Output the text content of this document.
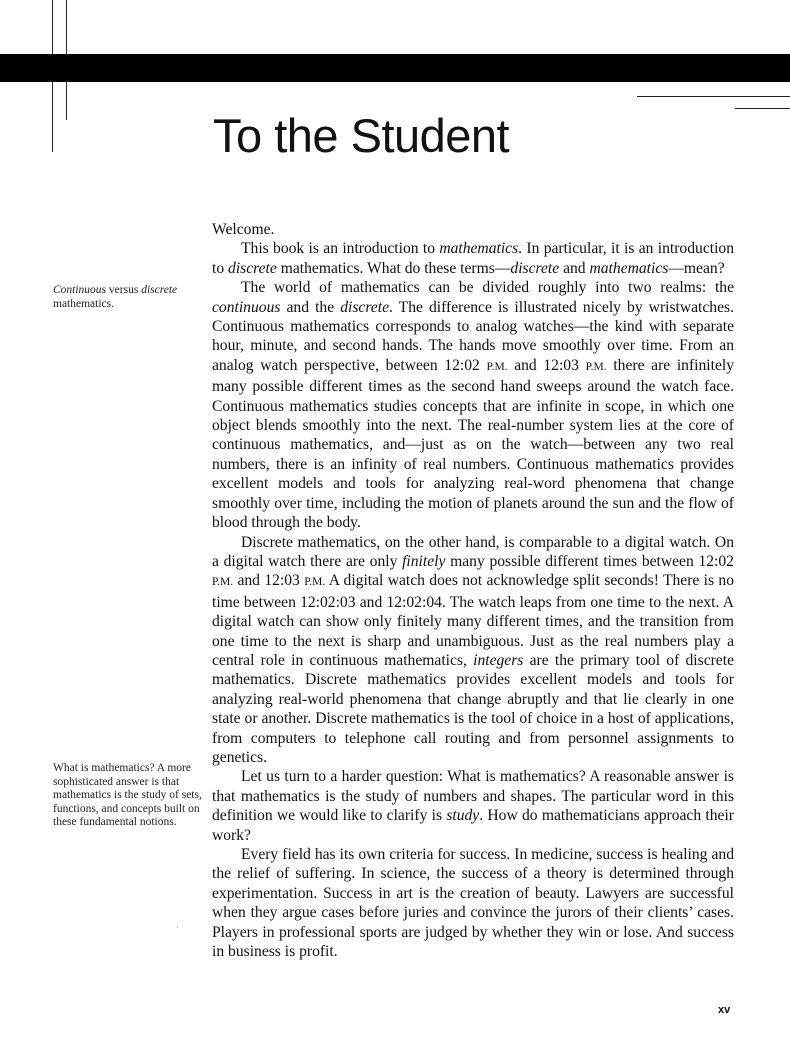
To the Student
Continuous versus discrete mathematics.
What is mathematics? A more sophisticated answer is that mathematics is the study of sets, functions, and concepts built on these fundamental notions.

Welcome.

This book is an introduction to mathematics. In particular, it is an introduction to discrete mathematics. What do these terms—discrete and mathematics—mean?

The world of mathematics can be divided roughly into two realms: the continuous and the discrete. The difference is illustrated nicely by wristwatches. Continuous mathematics corresponds to analog watches—the kind with separate hour, minute, and second hands. The hands move smoothly over time. From an analog watch perspective, between 12:02 P.M. and 12:03 P.M. there are infinitely many possible different times as the second hand sweeps around the watch face. Continuous mathematics studies concepts that are infinite in scope, in which one object blends smoothly into the next. The real-number system lies at the core of continuous mathematics, and—just as on the watch—between any two real numbers, there is an infinity of real numbers. Continuous mathematics provides excellent models and tools for analyzing real-word phenomena that change smoothly over time, including the motion of planets around the sun and the flow of blood through the body.

Discrete mathematics, on the other hand, is comparable to a digital watch. On a digital watch there are only finitely many possible different times between 12:02 P.M. and 12:03 P.M. A digital watch does not acknowledge split seconds! There is no time between 12:02:03 and 12:02:04. The watch leaps from one time to the next. A digital watch can show only finitely many different times, and the transition from one time to the next is sharp and unambiguous. Just as the real numbers play a central role in continuous mathematics, integers are the primary tool of discrete mathematics. Discrete mathematics provides excellent models and tools for analyzing real-world phenomena that change abruptly and that lie clearly in one state or another. Discrete mathematics is the tool of choice in a host of applications, from computers to telephone call routing and from personnel assignments to genetics.

Let us turn to a harder question: What is mathematics? A reasonable answer is that mathematics is the study of numbers and shapes. The particular word in this definition we would like to clarify is study. How do mathematicians approach their work?

Every field has its own criteria for success. In medicine, success is healing and the relief of suffering. In science, the success of a theory is determined through experimentation. Success in art is the creation of beauty. Lawyers are successful when they argue cases before juries and convince the jurors of their clients’ cases. Players in professional sports are judged by whether they win or lose. And success in business is profit.

˙
xv
